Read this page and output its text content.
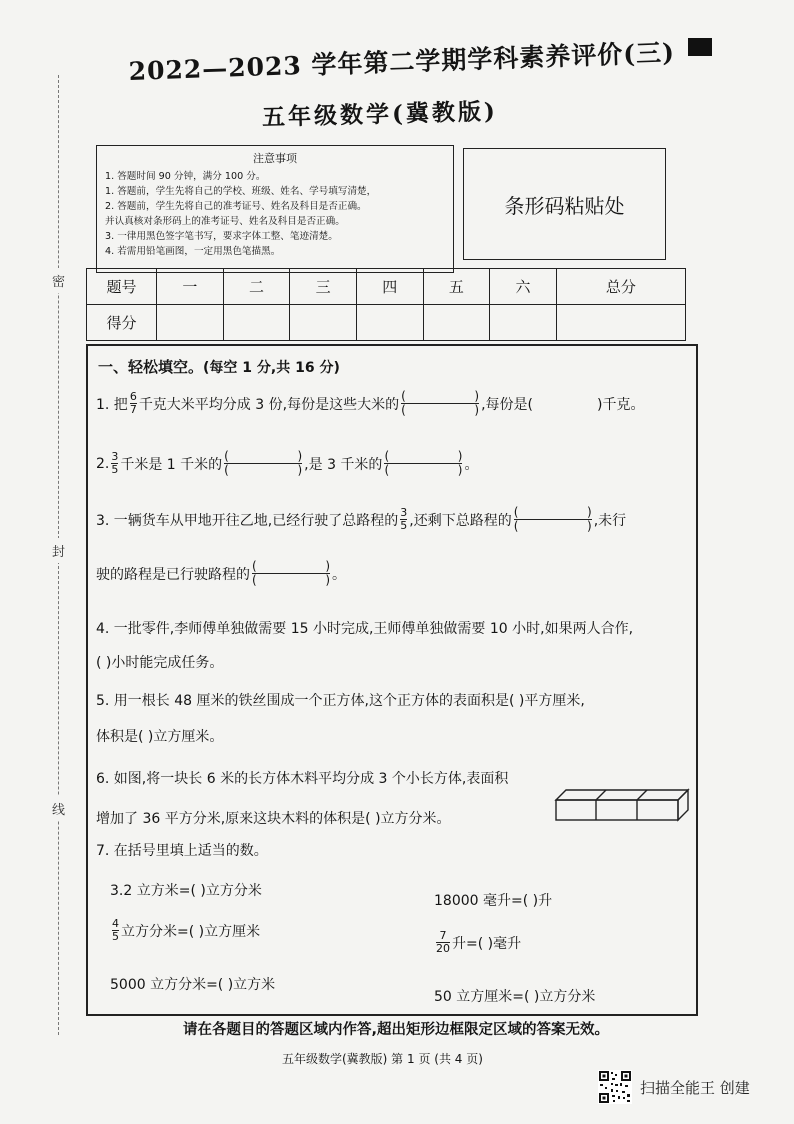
密
封
线
2022—2023 学年第二学期学科素养评价(三)
五年级数学(冀教版)
注意事项
1. 答题时间 90 分钟，满分 100 分。
1. 答题前，学生先将自己的学校、班级、姓名、学号填写清楚，
2. 答题前，学生先将自己的准考证号、姓名及科目是否正确。
并认真核对条形码上的准考证号、姓名及科目是否正确。
3. 一律用黑色签字笔书写，要求字体工整、笔迹清楚。
4. 若需用铅笔画图，一定用黑色笔描黑。
条形码粘贴处
题号	一	二	三	四	五	六	总分
得分							
一、轻松填空。(每空 1 分,共 16 分)
1. 把 $\frac{6}{7}$ 千克大米平均分成 3 份,每份是这些大米的
(	)
(	) ,每份是(	)千克。
2. $\frac{3}{5}$ 千米是 1 千米的
(	)
(	) ,是 3 千米的
(	)
(	) 。
3. 一辆货车从甲地开往乙地,已经行驶了总路程的 $\frac{3}{5}$ ,还剩下总路程的
(	)
(	) ,未行
驶的路程是已行驶路程的
(	)
(	) 。
4. 一批零件,李师傅单独做需要 15 小时完成,王师傅单独做需要 10 小时,如果两人合作,
( )小时能完成任务。
5. 用一根长 48 厘米的铁丝围成一个正方体,这个正方体的表面积是( )平方厘米,
体积是( )立方厘米。
6. 如图,将一块长 6 米的长方体木料平均分成 3 个小长方体,表面积
增加了 36 平方分米,原来这块木料的体积是( )立方分米。
7. 在括号里填上适当的数。
3.2 立方米=( )立方分米
18000 毫升=( )升
$\frac{4}{5}$ 立方分米=( )立方厘米	$\frac{7}{20}$ 升=( )毫升
5000 立方分米=( )立方米
50 立方厘米=( )立方分米
请在各题目的答题区域内作答,超出矩形边框限定区域的答案无效。
五年级数学(冀教版) 第 1 页 (共 4 页)
扫描全能王 创建
